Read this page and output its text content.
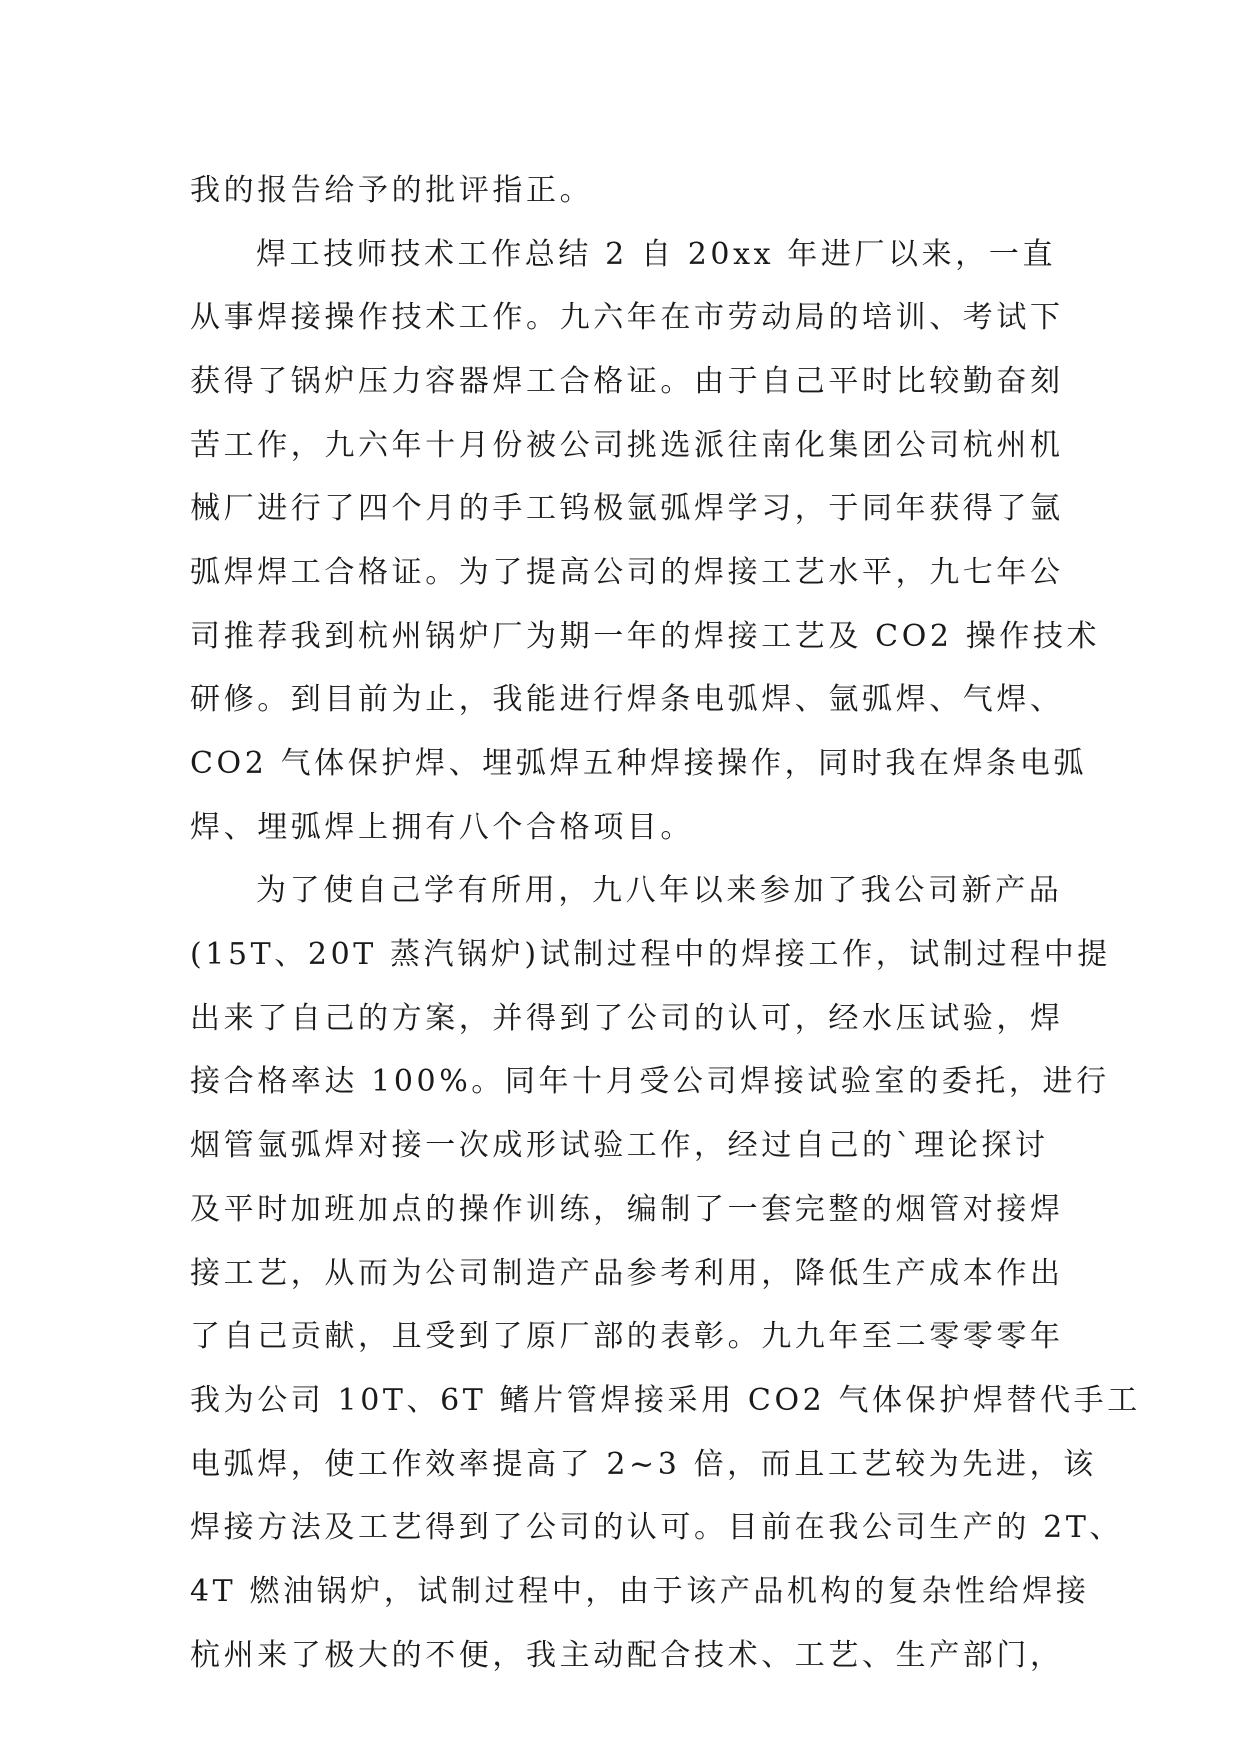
我的报告给予的批评指正。
焊工技师技术工作总结 2 自 20xx 年进厂以来，一直
从事焊接操作技术工作。九六年在市劳动局的培训、考试下
获得了锅炉压力容器焊工合格证。由于自己平时比较勤奋刻
苦工作，九六年十月份被公司挑选派往南化集团公司杭州机
械厂进行了四个月的手工钨极氩弧焊学习，于同年获得了氩
弧焊焊工合格证。为了提高公司的焊接工艺水平，九七年公
司推荐我到杭州锅炉厂为期一年的焊接工艺及 CO2 操作技术
研修。到目前为止，我能进行焊条电弧焊、氩弧焊、气焊、
CO2 气体保护焊、埋弧焊五种焊接操作，同时我在焊条电弧
焊、埋弧焊上拥有八个合格项目。
为了使自己学有所用，九八年以来参加了我公司新产品
(15T、20T 蒸汽锅炉)试制过程中的焊接工作，试制过程中提
出来了自己的方案，并得到了公司的认可，经水压试验，焊
接合格率达 100%。同年十月受公司焊接试验室的委托，进行
烟管氩弧焊对接一次成形试验工作，经过自己的`理论探讨
及平时加班加点的操作训练，编制了一套完整的烟管对接焊
接工艺，从而为公司制造产品参考利用，降低生产成本作出
了自己贡献，且受到了原厂部的表彰。九九年至二零零零年
我为公司 10T、6T 鳍片管焊接采用 CO2 气体保护焊替代手工
电弧焊，使工作效率提高了 2~3 倍，而且工艺较为先进，该
焊接方法及工艺得到了公司的认可。目前在我公司生产的 2T、
4T 燃油锅炉，试制过程中，由于该产品机构的复杂性给焊接
杭州来了极大的不便，我主动配合技术、工艺、生产部门，
